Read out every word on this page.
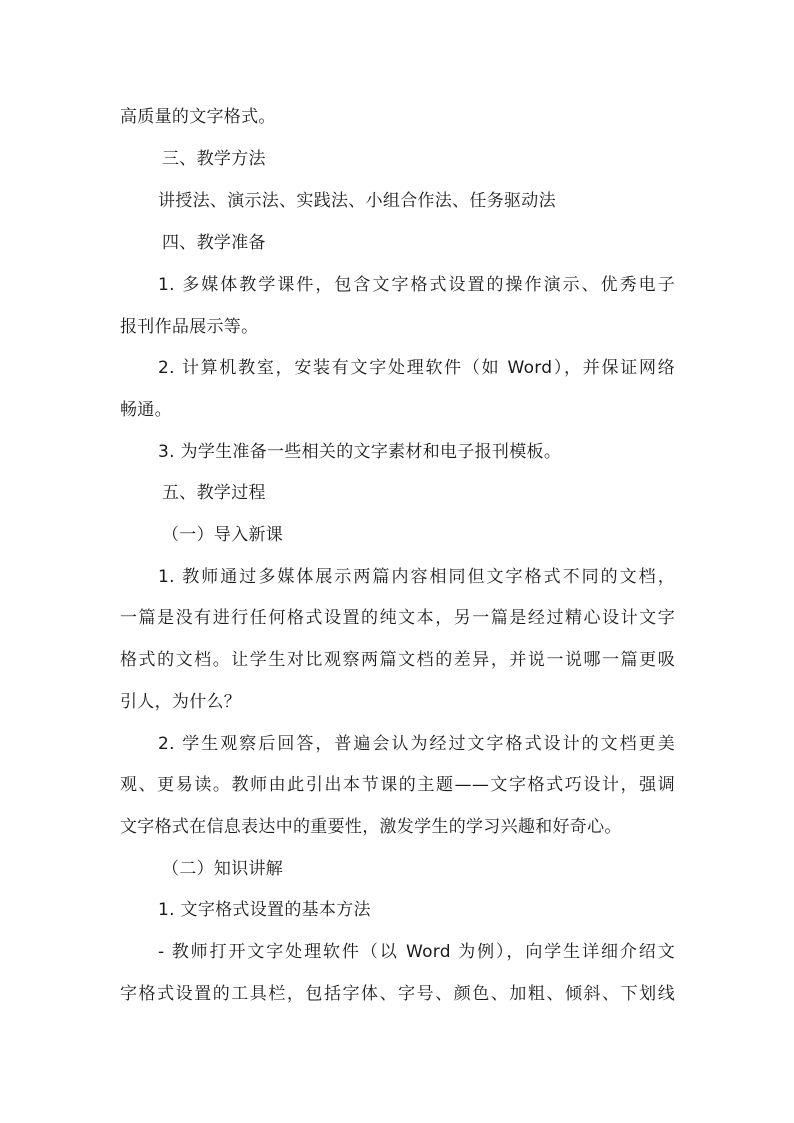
高质量的文字格式。
三、教学方法
讲授法、演示法、实践法、小组合作法、任务驱动法
四、教学准备
1. 多媒体教学课件，包含文字格式设置的操作演示、优秀电子
报刊作品展示等。
2. 计算机教室，安装有文字处理软件（如 Word），并保证网络
畅通。
3. 为学生准备一些相关的文字素材和电子报刊模板。
五、教学过程
（一）导入新课
1. 教师通过多媒体展示两篇内容相同但文字格式不同的文档，
一篇是没有进行任何格式设置的纯文本，另一篇是经过精心设计文字
格式的文档。让学生对比观察两篇文档的差异，并说一说哪一篇更吸
引人，为什么？
2. 学生观察后回答，普遍会认为经过文字格式设计的文档更美
观、更易读。教师由此引出本节课的主题——文字格式巧设计，强调
文字格式在信息表达中的重要性，激发学生的学习兴趣和好奇心。
（二）知识讲解
1. 文字格式设置的基本方法
- 教师打开文字处理软件（以 Word 为例），向学生详细介绍文
字格式设置的工具栏，包括字体、字号、颜色、加粗、倾斜、下划线
